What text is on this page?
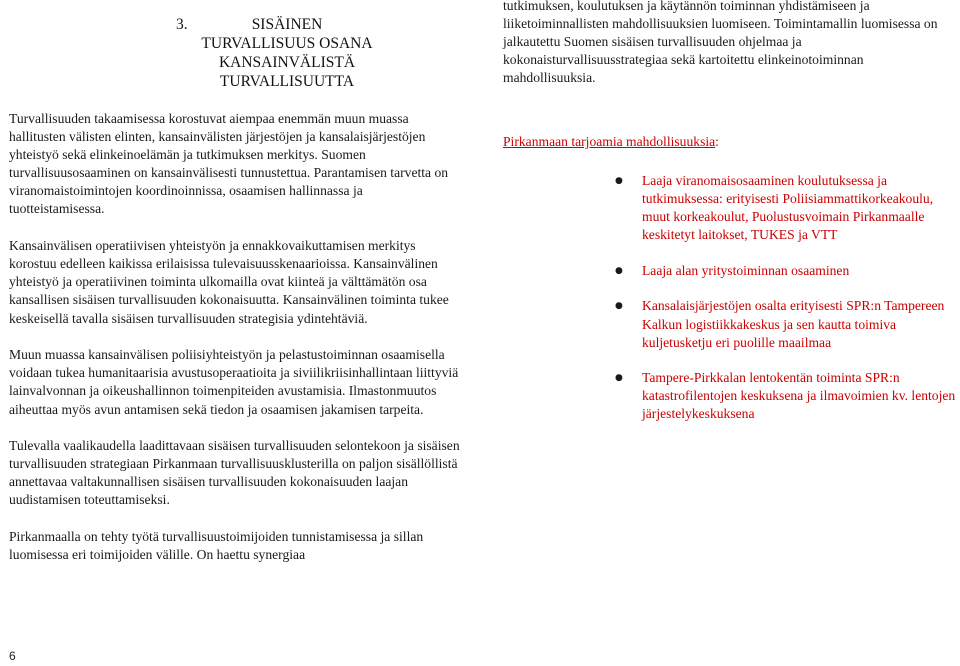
3.	SISÄINEN TURVALLISUUS OSANA KANSAINVÄLISTÄ TURVALLISUUTTA

Turvallisuuden takaamisessa korostuvat aiempaa enemmän muun muassa hallitusten välisten elinten, kansainvälisten järjestöjen ja kansalaisjärjestöjen yhteistyö sekä elinkeinoelämän ja tutkimuksen merkitys. Suomen turvallisuusosaaminen on kansainvälisesti tunnustettua. Parantamisen tarvetta on viranomaistoimintojen koordinoinnissa, osaamisen hallinnassa ja tuotteistamisessa.

Kansainvälisen operatiivisen yhteistyön ja ennakkovaikuttamisen merkitys korostuu edelleen kaikissa erilaisissa tulevaisuusskenaarioissa. Kansainvälinen yhteistyö ja operatiivinen toiminta ulkomailla ovat kiinteä ja välttämätön osa kansallisen sisäisen turvallisuuden kokonaisuutta. Kansainvälinen toiminta tukee keskeisellä tavalla sisäisen turvallisuuden strategisia ydintehtäviä.

Muun muassa kansainvälisen poliisiyhteistyön ja pelastustoiminnan osaamisella voidaan tukea humanitaarisia avustusoperaatioita ja siviilikriisinhallintaan liittyviä lainvalvonnan ja oikeushallinnon toimenpiteiden avustamisia. Ilmastonmuutos aiheuttaa myös avun antamisen sekä tiedon ja osaamisen jakamisen tarpeita.

Tulevalla vaalikaudella laadittavaan sisäisen turvallisuuden selontekoon ja sisäisen turvallisuuden strategiaan Pirkanmaan turvallisuusklusterilla on paljon sisällöllistä annettavaa valtakunnallisen sisäisen turvallisuuden kokonaisuuden laajan uudistamisen toteuttamiseksi.

Pirkanmaalla on tehty työtä turvallisuustoimijoiden tunnistamisessa ja sillan luomisessa eri toimijoiden välille. On haettu synergiaa

6

tutkimuksen, koulutuksen ja käytännön toiminnan yhdistämiseen ja liiketoiminnallisten mahdollisuuksien luomiseen. Toimintamallin luomisessa on jalkautettu Suomen sisäisen turvallisuuden ohjelmaa ja kokonaisturvallisuusstrategiaa sekä kartoitettu elinkeinotoiminnan mahdollisuuksia.

Pirkanmaan tarjoamia mahdollisuuksia:

● Laaja viranomaisosaaminen koulutuksessa ja tutkimuksessa: erityisesti Poliisiammattikorkeakoulu, muut korkeakoulut, Puolustusvoimain Pirkanmaalle keskitetyt laitokset, TUKES ja VTT
● Laaja alan yritystoiminnan osaaminen
● Kansalaisjärjestöjen osalta erityisesti SPR:n Tampereen Kalkun logistiikkakeskus ja sen kautta toimiva kuljetusketju eri puolille maailmaa
● Tampere-Pirkkalan lentokentän toiminta SPR:n katastrofilentojen keskuksena ja ilmavoimien kv. lentojen järjestelykeskuksena
